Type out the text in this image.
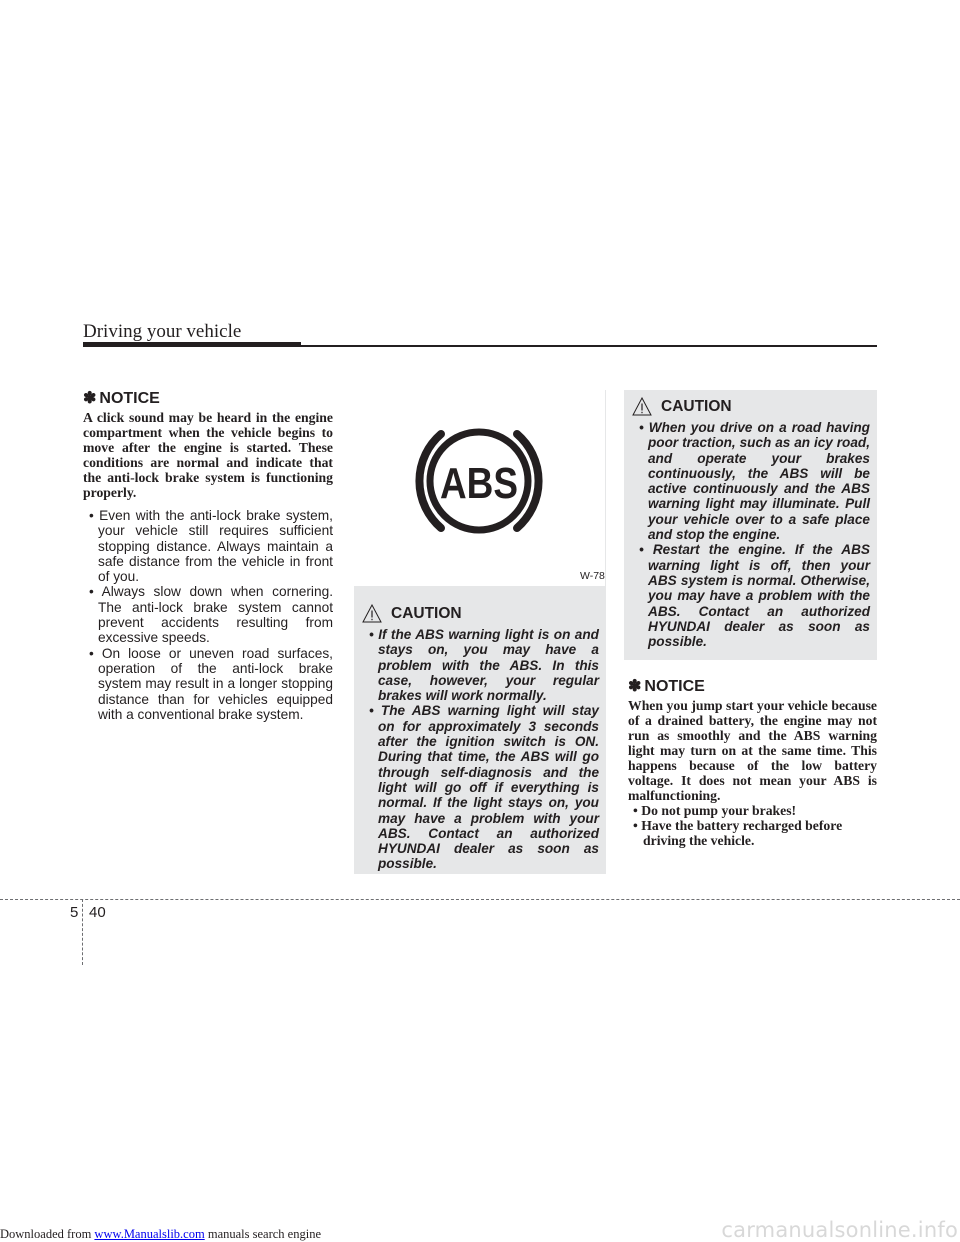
Driving your vehicle
✽ NOTICE

A click sound may be heard in the engine compartment when the vehicle begins to move after the engine is started. These conditions are normal and indicate that the anti-lock brake system is functioning properly.

• Even with the anti-lock brake system, your vehicle still requires sufficient stopping distance. Always maintain a safe distance from the vehicle in front of you.
• Always slow down when cornering. The anti-lock brake system cannot prevent accidents resulting from excessive speeds.
• On loose or uneven road surfaces, operation of the anti-lock brake system may result in a longer stopping distance than for vehicles equipped with a conventional brake system.
ABS
W-78
CAUTION
• If the ABS warning light is on and stays on, you may have a problem with the ABS. In this case, however, your regular brakes will work normally.
• The ABS warning light will stay on for approximately 3 seconds after the ignition switch is ON. During that time, the ABS will go through self-diagnosis and the light will go off if everything is normal. If the light stays on, you may have a problem with your ABS. Contact an authorized HYUNDAI dealer as soon as possible.
CAUTION
• When you drive on a road having poor traction, such as an icy road, and operate your brakes continuously, the ABS will be active continuously and the ABS warning light may illuminate. Pull your vehicle over to a safe place and stop the engine.
• Restart the engine. If the ABS warning light is off, then your ABS system is normal. Otherwise, you may have a problem with the ABS. Contact an authorized HYUNDAI dealer as soon as possible.
✽ NOTICE

When you jump start your vehicle because of a drained battery, the engine may not run as smoothly and the ABS warning light may turn on at the same time. This happens because of the low battery voltage. It does not mean your ABS is malfunctioning.

• Do not pump your brakes!
• Have the battery recharged before driving the vehicle.
5 40
Downloaded from www.Manualslib.com manuals search engine	carmanualsonline.info
